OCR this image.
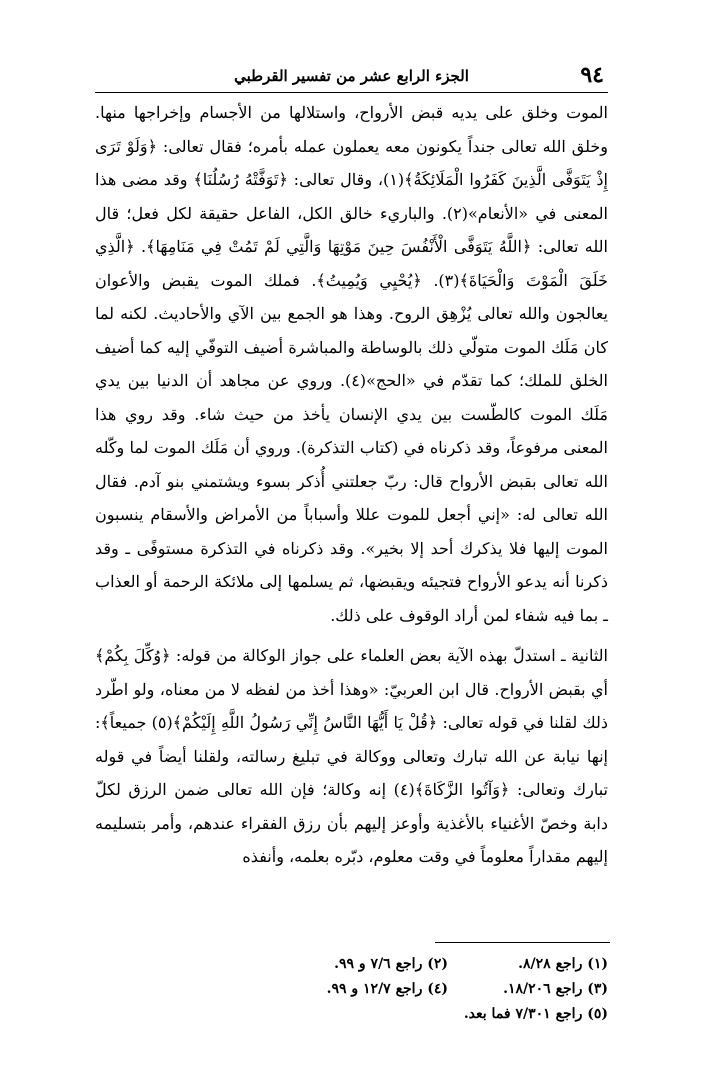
٩٤
الجزء الرابع عشر من تفسير القرطبي

الموت وخلق على يديه قبض الأرواح، واستلالها من الأجسام وإخراجها منها. وخلق الله تعالى جنداً يكونون معه يعملون عمله بأمره؛ فقال تعالى: ﴿وَلَوْ تَرَى إِذْ يَتَوَفَّى الَّذِينَ كَفَرُوا الْمَلَائِكَةُ﴾(١)، وقال تعالى: ﴿تَوَفَّتْهُ رُسُلُنَا﴾ وقد مضى هذا المعنى في «الأنعام»(٢). والباريء خالق الكل، الفاعل حقيقة لكل فعل؛ قال الله تعالى: ﴿اللَّهُ يَتَوَفَّى الْأَنْفُسَ حِينَ مَوْتِهَا وَالَّتِي لَمْ تَمُتْ فِي مَنَامِهَا﴾. ﴿الَّذِي خَلَقَ الْمَوْتَ وَالْحَيَاةَ﴾(٣). ﴿يُحْيِي وَيُمِيتُ﴾. فملك الموت يقبض والأعوان يعالجون والله تعالى يُزْهِق الروح. وهذا هو الجمع بين الآي والأحاديث. لكنه لما كان مَلَك الموت متولّي ذلك بالوساطة والمباشرة أضيف التوفّي إليه كما أضيف الخلق للملك؛ كما تقدّم في «الحج»(٤). وروي عن مجاهد أن الدنيا بين يدي مَلَك الموت كالطّست بين يدي الإنسان يأخذ من حيث شاء. وقد روي هذا المعنى مرفوعاً، وقد ذكرناه في (كتاب التذكرة). وروي أن مَلَك الموت لما وكّله الله تعالى بقبض الأرواح قال: ربّ جعلتني أُذكر بسوء ويشتمني بنو آدم. فقال الله تعالى له: «إني أجعل للموت عللا وأسباباً من الأمراض والأسقام ينسبون الموت إليها فلا يذكرك أحد إلا بخير». وقد ذكرناه في التذكرة مستوفًى ـ وقد ذكرنا أنه يدعو الأرواح فتجيئه ويقبضها، ثم يسلمها إلى ملائكة الرحمة أو العذاب ـ بما فيه شفاء لمن أراد الوقوف على ذلك.

الثانية ـ استدلّ بهذه الآية بعض العلماء على جواز الوكالة من قوله: ﴿وُكِّلَ بِكُمْ﴾ أي بقبض الأرواح. قال ابن العربيّ: «وهذا أخذ من لفظه لا من معناه، ولو اطّرد ذلك لقلنا في قوله تعالى: ﴿قُلْ يَا أَيُّهَا النَّاسُ إِنِّي رَسُولُ اللَّهِ إِلَيْكُمْ﴾(٥) جميعاً﴾: إنها نيابة عن الله تبارك وتعالى ووكالة في تبليغ رسالته، ولقلنا أيضاً في قوله تبارك وتعالى: ﴿وَآتُوا الزَّكَاةَ﴾(٤) إنه وكالة؛ فإن الله تعالى ضمن الرزق لكلّ دابة وخصّ الأغنياء بالأغذية وأوعز إليهم بأن رزق الفقراء عندهم، وأمر بتسليمه إليهم مقداراً معلوماً في وقت معلوم، دبّره بعلمه، وأنفذه

(١) راجع ٨/٢٨.
(٢) راجع ٧/٦ و ٩٩.
(٣) راجع ١٨/٢٠٦.
(٤) راجع ١٢/٧ و ٩٩.
(٥) راجع ٧/٣٠١ فما بعد.
